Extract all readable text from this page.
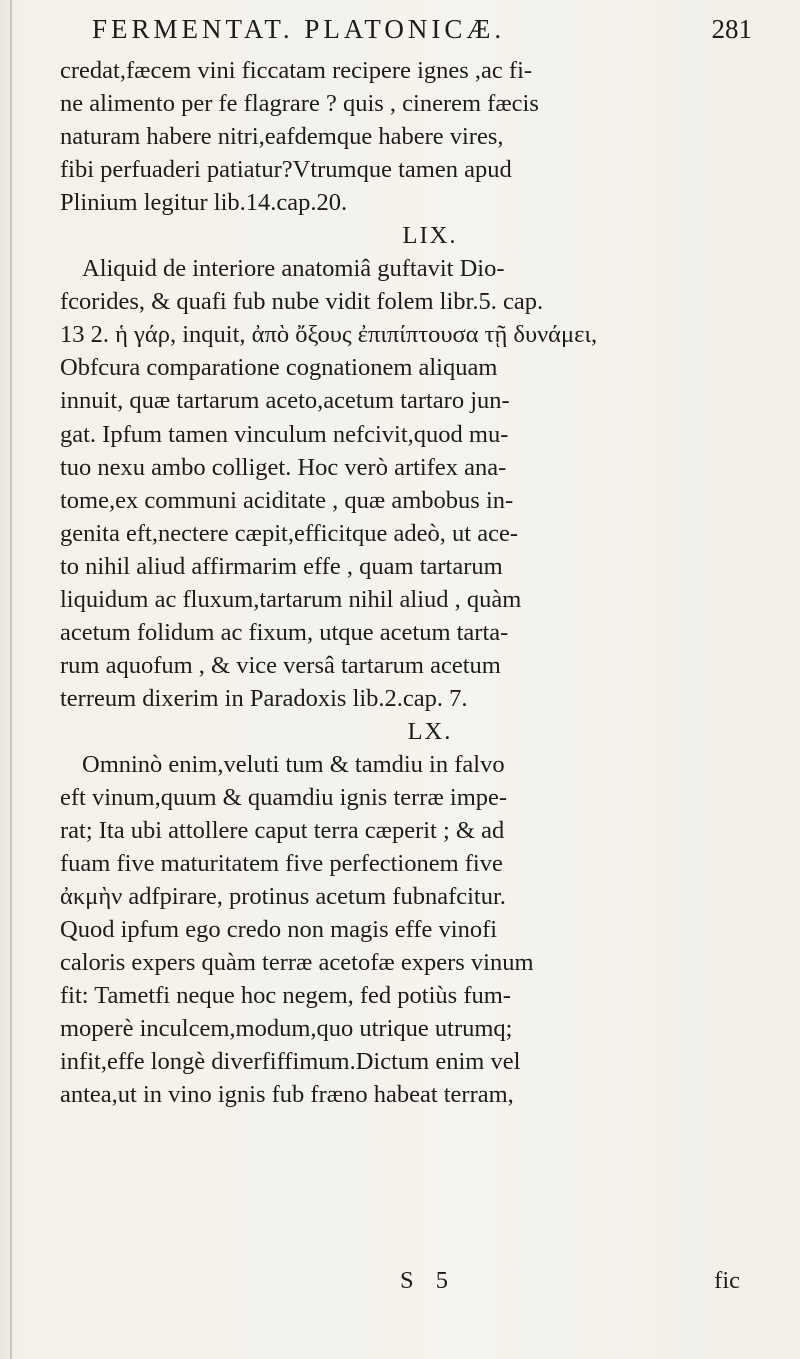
FERMENTAT. PLATONICÆ.	281
credat,fæcem vini ficcatam recipere ignes ,ac fi-
ne alimento per fe flagrare ? quis , cinerem fæcis
naturam habere nitri,eafdemque habere vires,
fibi perfuaderi patiatur?Vtrumque tamen apud
Plinium legitur lib.14.cap.20.
LIX.
Aliquid de interiore anatomiâ guftavit Dio-
fcorides, & quafi fub nube vidit folem libr.5. cap.
13 2. ἡ γάρ, inquit, ἀπὸ ὄξους ἐπιπίπτουσα τῇ δυνάμει,
Obfcura comparatione cognationem aliquam
innuit, quæ tartarum aceto,acetum tartaro jun-
gat. Ipfum tamen vinculum nefcivit,quod mu-
tuo nexu ambo colliget. Hoc verò artifex ana-
tome,ex communi aciditate , quæ ambobus in-
genita eft,nectere cæpit,efficitque adeò, ut ace-
to nihil aliud affirmarim effe , quam tartarum
liquidum ac fluxum,tartarum nihil aliud , quàm
acetum folidum ac fixum, utque acetum tarta-
rum aquofum , & vice versâ tartarum acetum
terreum dixerim in Paradoxis lib.2.cap. 7.
LX.
Omninò enim,veluti tum & tamdiu in falvo
eft vinum,quum & quamdiu ignis terræ impe-
rat; Ita ubi attollere caput terra cæperit ; & ad
fuam five maturitatem five perfectionem five
ἀκμὴν adfpirare, protinus acetum fubnafcitur.
Quod ipfum ego credo non magis effe vinofi
caloris expers quàm terræ acetofæ expers vinum
fit: Tametfi neque hoc negem, fed potiùs fum-
moperè inculcem,modum,quo utrique utrumq;
infit,effe longè diverfiffimum.Dictum enim vel
antea,ut in vino ignis fub fræno habeat terram,
S 5	fic
